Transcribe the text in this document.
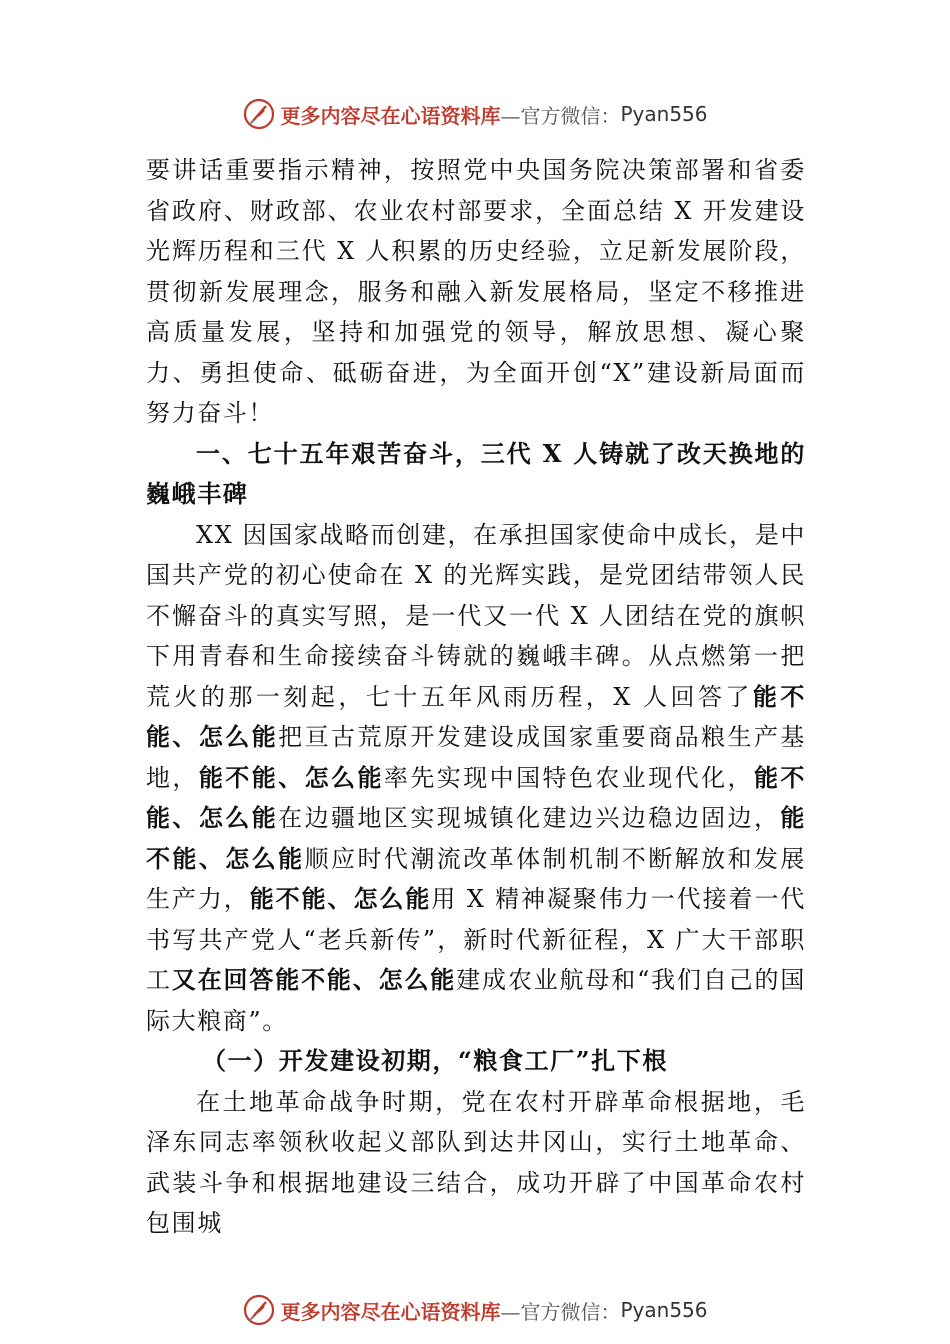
更多内容尽在心语资料库 —官方微信： Pyan556

要讲话重要指示精神，按照党中央国务院决策部署和省委省政府、财政部、农业农村部要求，全面总结 X 开发建设光辉历程和三代 X 人积累的历史经验，立足新发展阶段，贯彻新发展理念，服务和融入新发展格局，坚定不移推进高质量发展，坚持和加强党的领导，解放思想、凝心聚力、勇担使命、砥砺奋进，为全面开创“X”建设新局面而努力奋斗！

一、七十五年艰苦奋斗，三代 X 人铸就了改天换地的巍峨丰碑

XX 因国家战略而创建，在承担国家使命中成长，是中国共产党的初心使命在 X 的光辉实践，是党团结带领人民不懈奋斗的真实写照，是一代又一代 X 人团结在党的旗帜下用青春和生命接续奋斗铸就的巍峨丰碑。从点燃第一把荒火的那一刻起，七十五年风雨历程，X 人回答了能不能、怎么能把亘古荒原开发建设成国家重要商品粮生产基地，能不能、怎么能率先实现中国特色农业现代化，能不能、怎么能在边疆地区实现城镇化建边兴边稳边固边，能不能、怎么能顺应时代潮流改革体制机制不断解放和发展生产力，能不能、怎么能用 X 精神凝聚伟力一代接着一代书写共产党人“老兵新传”，新时代新征程，X 广大干部职工又在回答能不能、怎么能建成农业航母和“我们自己的国际大粮商”。

（一）开发建设初期，“粮食工厂”扎下根

在土地革命战争时期，党在农村开辟革命根据地，毛泽东同志率领秋收起义部队到达井冈山，实行土地革命、武装斗争和根据地建设三结合，成功开辟了中国革命农村包围城

更多内容尽在心语资料库 —官方微信： Pyan556
